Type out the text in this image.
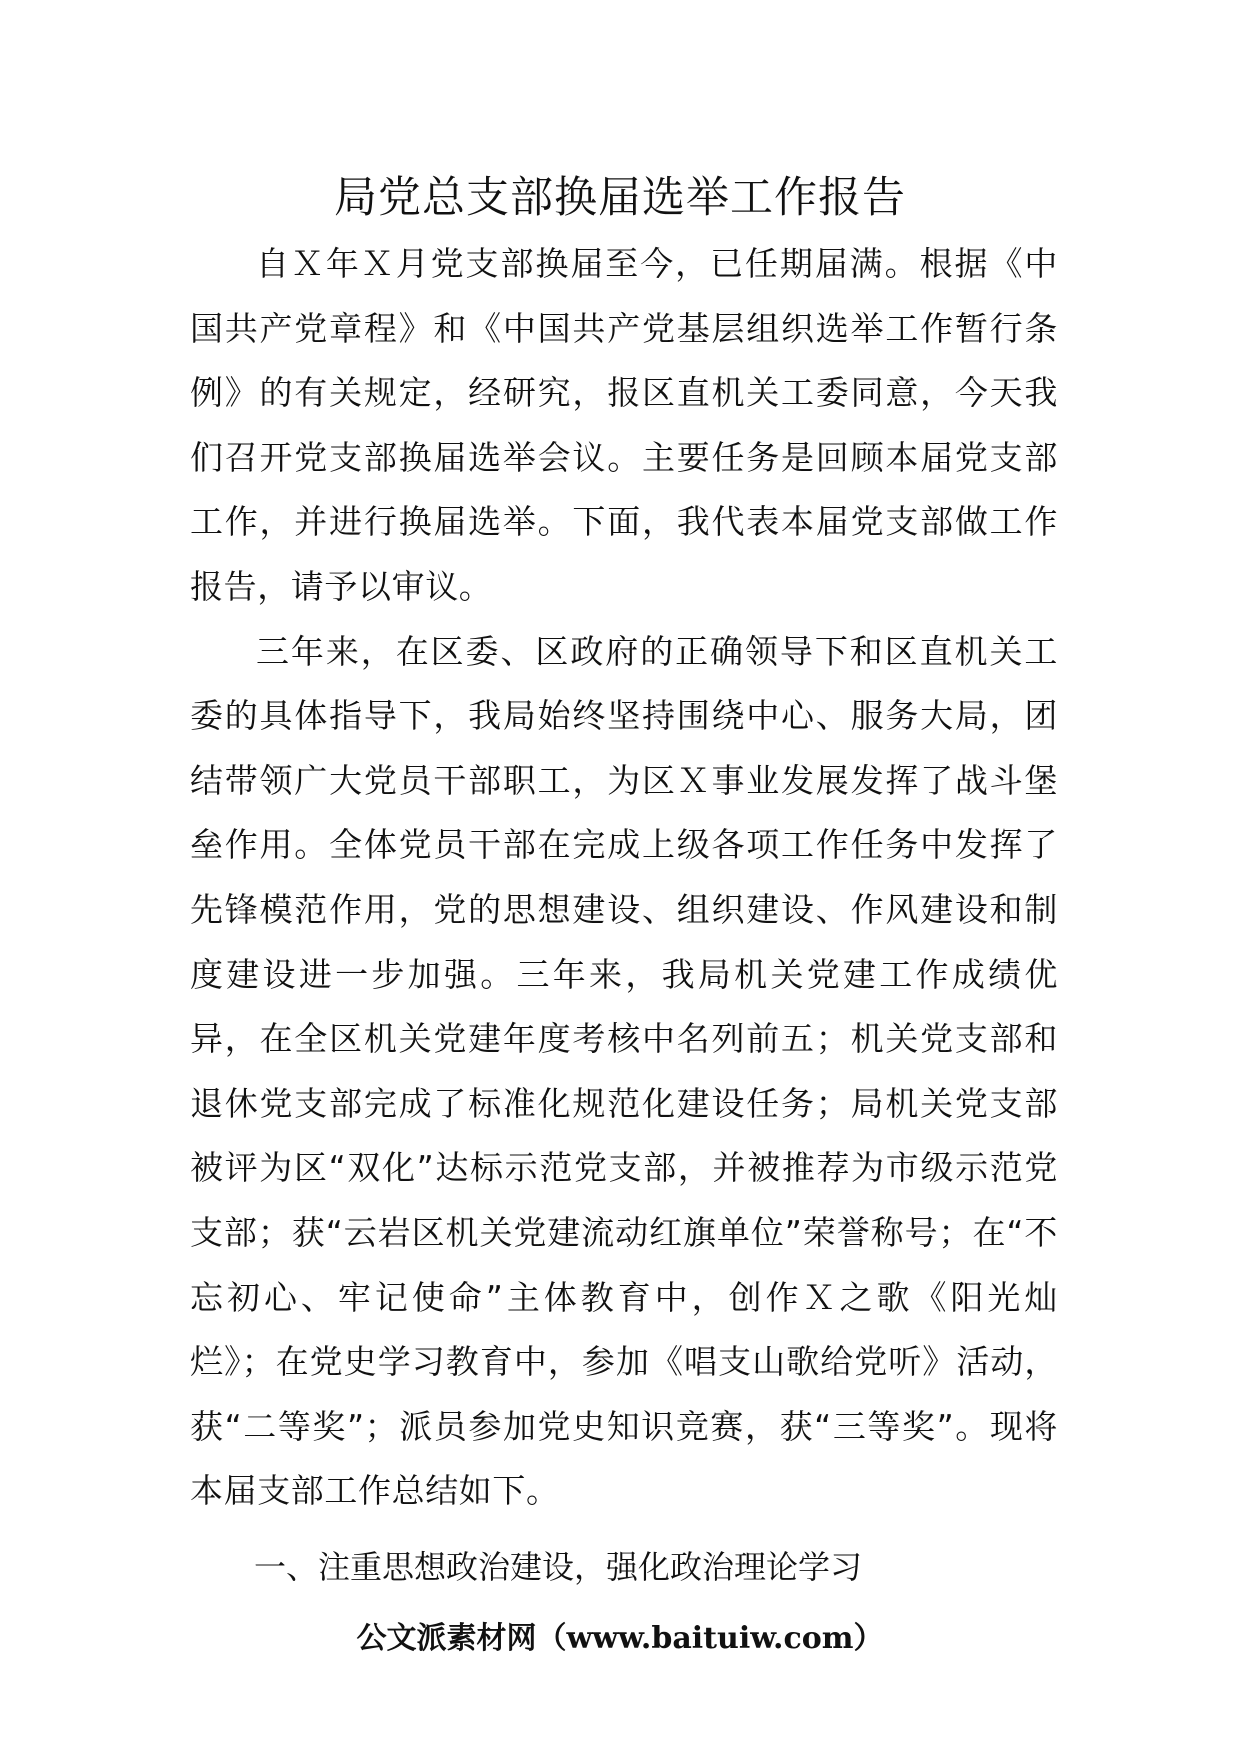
局党总支部换届选举工作报告

自Ｘ年Ｘ月党支部换届至今，已任期届满。根据《中国共产党章程》和《中国共产党基层组织选举工作暂行条例》的有关规定，经研究，报区直机关工委同意，今天我们召开党支部换届选举会议。主要任务是回顾本届党支部工作，并进行换届选举。下面，我代表本届党支部做工作报告，请予以审议。

三年来，在区委、区政府的正确领导下和区直机关工委的具体指导下，我局始终坚持围绕中心、服务大局，团结带领广大党员干部职工，为区Ｘ事业发展发挥了战斗堡垒作用。全体党员干部在完成上级各项工作任务中发挥了先锋模范作用，党的思想建设、组织建设、作风建设和制度建设进一步加强。三年来，我局机关党建工作成绩优异，在全区机关党建年度考核中名列前五；机关党支部和退休党支部完成了标准化规范化建设任务；局机关党支部被评为区“双化”达标示范党支部，并被推荐为市级示范党支部；获“云岩区机关党建流动红旗单位”荣誉称号；在“不忘初心、牢记使命”主体教育中，创作Ｘ之歌《阳光灿烂》；在党史学习教育中，参加《唱支山歌给党听》活动，获“二等奖”；派员参加党史知识竞赛，获“三等奖”。现将本届支部工作总结如下。

一、注重思想政治建设，强化政治理论学习

公文派素材网（www.baituiw.com）
